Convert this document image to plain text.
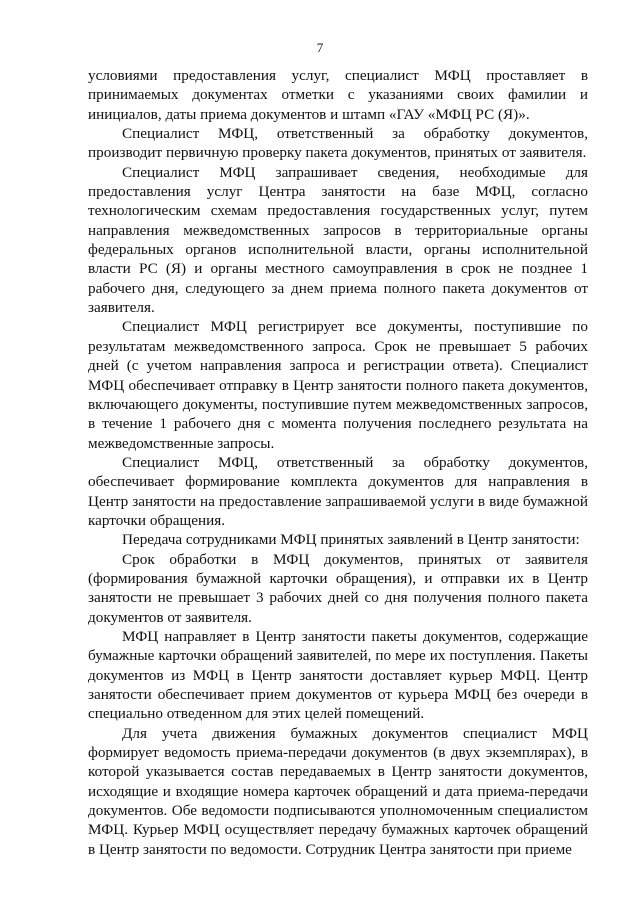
7

условиями предоставления услуг, специалист МФЦ проставляет в принимаемых документах отметки с указаниями своих фамилии и инициалов, даты приема документов и штамп «ГАУ «МФЦ РС (Я)».

Специалист МФЦ, ответственный за обработку документов, производит первичную проверку пакета документов, принятых от заявителя.

Специалист МФЦ запрашивает сведения, необходимые для предоставления услуг Центра занятости на базе МФЦ, согласно технологическим схемам предоставления государственных услуг, путем направления межведомственных запросов в территориальные органы федеральных органов исполнительной власти, органы исполнительной власти РС (Я) и органы местного самоуправления в срок не позднее 1 рабочего дня, следующего за днем приема полного пакета документов от заявителя.

Специалист МФЦ регистрирует все документы, поступившие по результатам межведомственного запроса. Срок не превышает 5 рабочих дней (с учетом направления запроса и регистрации ответа). Специалист МФЦ обеспечивает отправку в Центр занятости полного пакета документов, включающего документы, поступившие путем межведомственных запросов, в течение 1 рабочего дня с момента получения последнего результата на межведомственные запросы.

Специалист МФЦ, ответственный за обработку документов, обеспечивает формирование комплекта документов для направления в Центр занятости на предоставление запрашиваемой услуги в виде бумажной карточки обращения.

Передача сотрудниками МФЦ принятых заявлений в Центр занятости:

Срок обработки в МФЦ документов, принятых от заявителя (формирования бумажной карточки обращения), и отправки их в Центр занятости не превышает 3 рабочих дней со дня получения полного пакета документов от заявителя.

МФЦ направляет в Центр занятости пакеты документов, содержащие бумажные карточки обращений заявителей, по мере их поступления. Пакеты документов из МФЦ в Центр занятости доставляет курьер МФЦ. Центр занятости обеспечивает прием документов от курьера МФЦ без очереди в специально отведенном для этих целей помещений.

Для учета движения бумажных документов специалист МФЦ формирует ведомость приема-передачи документов (в двух экземплярах), в которой указывается состав передаваемых в Центр занятости документов, исходящие и входящие номера карточек обращений и дата приема-передачи документов. Обе ведомости подписываются уполномоченным специалистом МФЦ. Курьер МФЦ осуществляет передачу бумажных карточек обращений в Центр занятости по ведомости. Сотрудник Центра занятости при приеме
